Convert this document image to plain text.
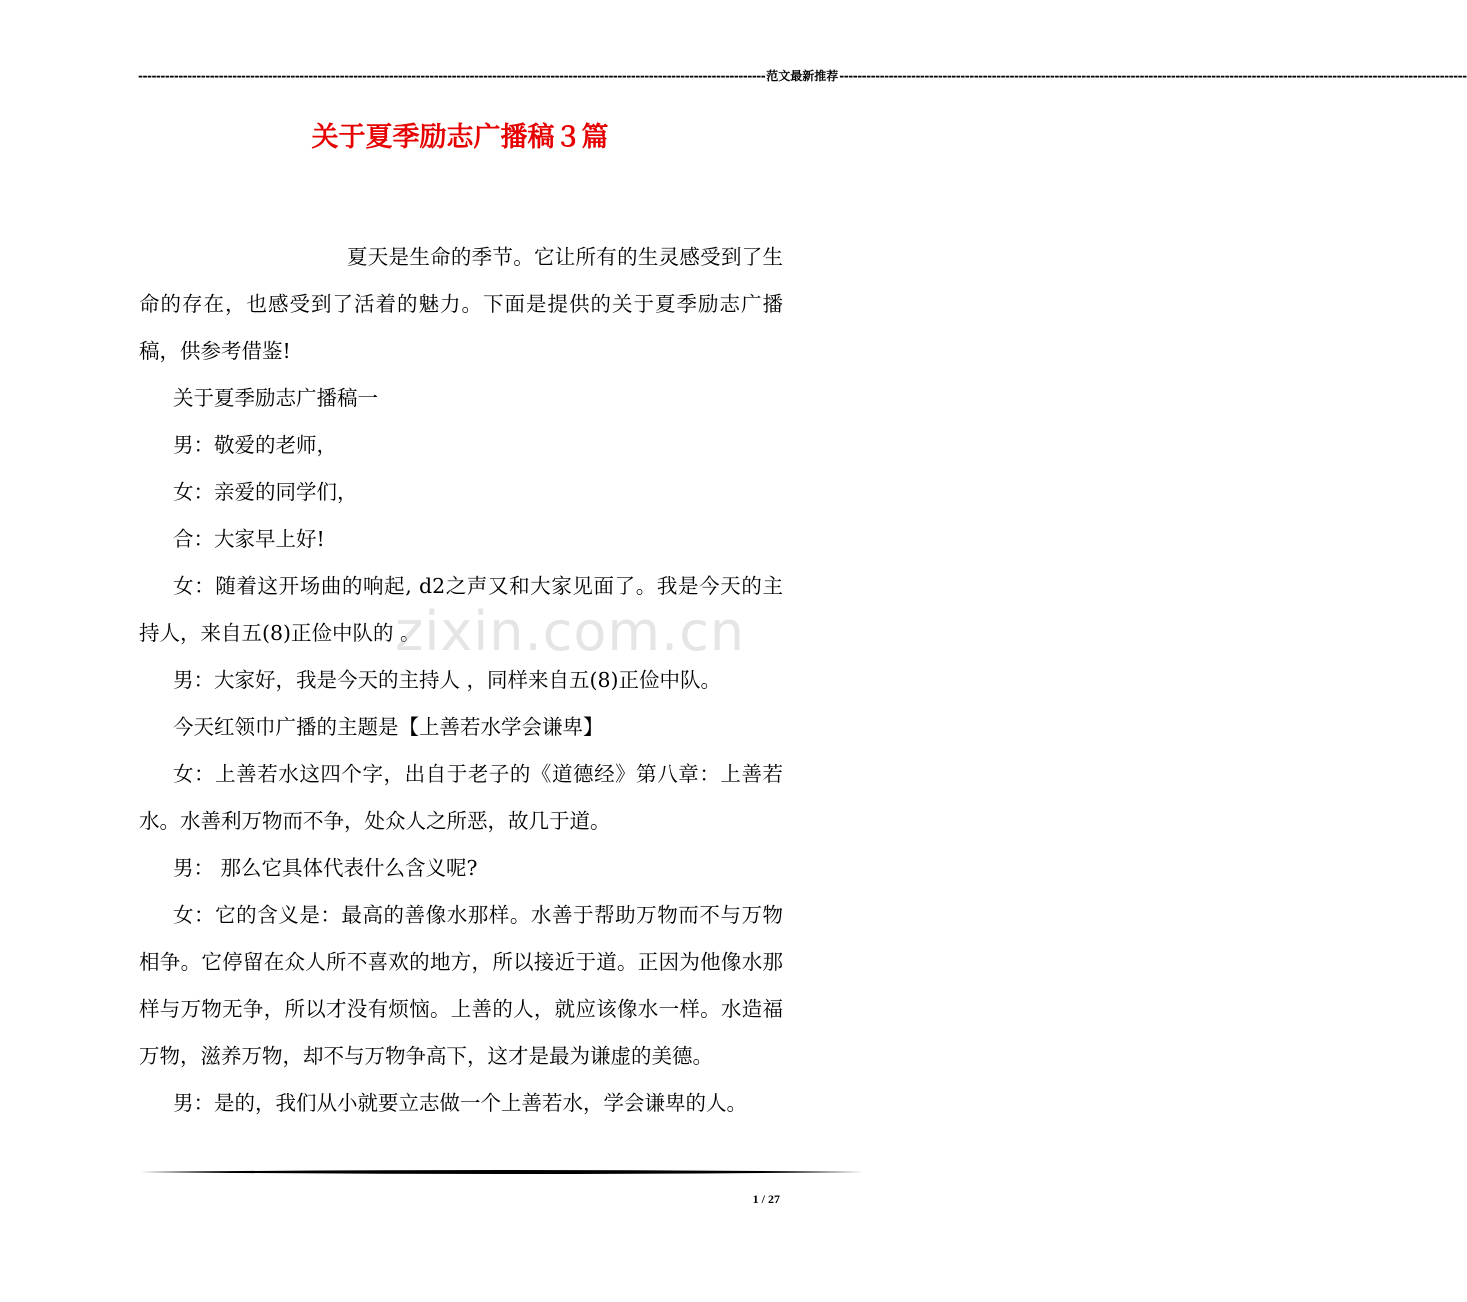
-------------------------------------------------------------------------------------------------------------------------------------------- 范文最新推荐 --------------------------------------------------------------------------------------------------------------------------------------------
关于夏季励志广播稿３篇

夏天是生命的季节。它让所有的生灵感受到了生命的存在，也感受到了活着的魅力。下面是提供的关于夏季励志广播稿，供参考借鉴!

关于夏季励志广播稿一

男：敬爱的老师，

女：亲爱的同学们，

合：大家早上好!

女：随着这开场曲的响起, d2之声又和大家见面了。我是今天的主持人，来自五(8)正俭中队的 。

男：大家好，我是今天的主持人 ，同样来自五(8)正俭中队。

今天红领巾广播的主题是【上善若水学会谦卑】

女：上善若水这四个字，出自于老子的《道德经》第八章：上善若水。水善利万物而不争，处众人之所恶，故几于道。

男： 那么它具体代表什么含义呢?

女：它的含义是：最高的善像水那样。水善于帮助万物而不与万物相争。它停留在众人所不喜欢的地方，所以接近于道。正因为他像水那样与万物无争，所以才没有烦恼。上善的人，就应该像水一样。水造福万物，滋养万物，却不与万物争高下，这才是最为谦虚的美德。

男：是的，我们从小就要立志做一个上善若水，学会谦卑的人。

zixin.com.cn
1 / 27
